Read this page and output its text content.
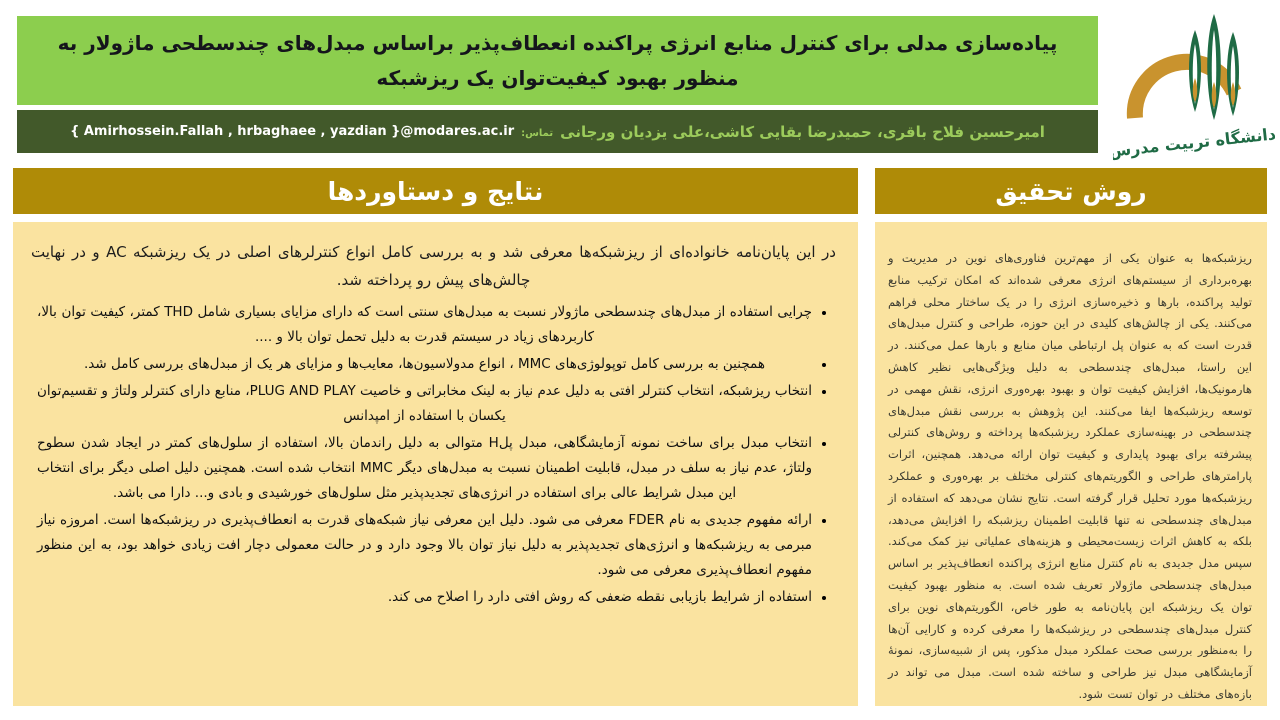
پیاده‌سازی مدلی برای کنترل منابع انرژی پراکنده انعطاف‌پذیر براساس مبدل‌های چندسطحی ماژولار به منظور بهبود کیفیت‌توان یک ریزشبکه
امیرحسین فلاح باقری، حمیدرضا بقایی کاشی،علی یزدیان ورجانی
تماس:
{ Amirhossein.Fallah , hrbaghaee , yazdian }@modares.ac.ir	دانشگاه تربیت مدرس
نتایج و دستاوردها

در این پایان‌نامه خانواده‌ای از ریزشبکه‌ها معرفی شد و به بررسی کامل انواع کنترلرهای اصلی در یک ریزشبکه AC و در نهایت چالش‌های پیش رو پرداخته شد.

• چرایی استفاده از مبدل‌های چندسطحی ماژولار نسبت به مبدل‌های سنتی است که دارای مزایای بسیاری شامل THD کمتر، کیفیت توان بالا، کاربردهای زیاد در سیستم قدرت به دلیل تحمل توان بالا و ....
• همچنین به بررسی کامل توپولوژی‌های MMC ، انواع مدولاسیون‌ها، معایب‌ها و مزایای هر یک از مبدل‌های بررسی کامل شد.
• انتخاب ریزشبکه، انتخاب کنترلر افتی به دلیل عدم نیاز به لینک مخابراتی و خاصیت PLUG AND PLAY، منابع دارای کنترلر ولتاژ و تقسیم‌توان یکسان با استفاده از امپدانس
• انتخاب مبدل برای ساخت نمونه آزمایشگاهی، مبدل پل‌H متوالی به دلیل راندمان بالا، استفاده از سلول‌های کمتر در ایجاد شدن سطوح ولتاژ، عدم نیاز به سلف در مبدل، قابلیت اطمینان نسبت به مبدل‌های دیگر MMC انتخاب شده است. همچنین دلیل اصلی دیگر برای انتخاب این مبدل شرایط عالی برای استفاده در انرژی‌های تجدیدپذیر مثل سلول‌های خورشیدی و بادی و... دارا می باشد.
• ارائه مفهوم جدیدی به نام FDER معرفی می شود. دلیل این معرفی نیاز شبکه‌های قدرت به انعطاف‌پذیری در ریزشبکه‌ها است. امروزه نیاز مبرمی به ریزشبکه‌ها و انرژی‌های تجدیدپذیر به دلیل نیاز توان بالا وجود دارد و در حالت معمولی دچار افت زیادی خواهد بود، به این منظور مفهوم انعطاف‌پذیری معرفی می شود.
• استفاده از شرایط بازیابی نقطه ضعفی که روش افتی دارد را اصلاح می کند.
روش تحقیق

ریزشبکه‌ها به عنوان یکی از مهم‌ترین فناوری‌های نوین در مدیریت و بهره‌برداری از سیستم‌های انرژی معرفی شده‌اند که امکان ترکیب منابع تولید پراکنده، بارها و ذخیره‌سازی انرژی را در یک ساختار محلی فراهم می‌کنند. یکی از چالش‌های کلیدی در این حوزه، طراحی و کنترل مبدل‌های قدرت است که به عنوان پل ارتباطی میان منابع و بارها عمل می‌کنند. در این راستا، مبدل‌های چندسطحی به دلیل ویژگی‌هایی نظیر کاهش هارمونیک‌ها، افزایش کیفیت توان و بهبود بهره‌وری انرژی، نقش مهمی در توسعه ریزشبکه‌ها ایفا می‌کنند. این پژوهش به بررسی نقش مبدل‌های چندسطحی در بهینه‌سازی عملکرد ریزشبکه‌ها پرداخته و روش‌های کنترلی پیشرفته برای بهبود پایداری و کیفیت توان ارائه می‌دهد. همچنین، اثرات پارامترهای طراحی و الگوریتم‌های کنترلی مختلف بر بهره‌وری و عملکرد ریزشبکه‌ها مورد تحلیل قرار گرفته است. نتایج نشان می‌دهد که استفاده از مبدل‌های چندسطحی نه تنها قابلیت اطمینان ریزشبکه را افزایش می‌دهد، بلکه به کاهش اثرات زیست‌محیطی و هزینه‌های عملیاتی نیز کمک می‌کند. سپس مدل جدیدی به نام کنترل منابع انرژی پراکنده انعطاف‌پذیر بر اساس مبدل‌های چندسطحی ماژولار تعریف شده است. به منظور بهبود کیفیت توان یک ریزشبکه این پایان‌نامه به طور خاص، الگوریتم‌های نوین برای کنترل مبدل‌های چندسطحی در ریزشبکه‌ها را معرفی کرده و کارایی آن‌ها را به‌منظور بررسی صحت عملکرد مبدل مذکور، پس از شبیه‌سازی، نمونهٔ آزمایشگاهی مبدل نیز طراحی و ساخته شده است. مبدل می تواند در بازه‌های مختلف در توان تست شود.
